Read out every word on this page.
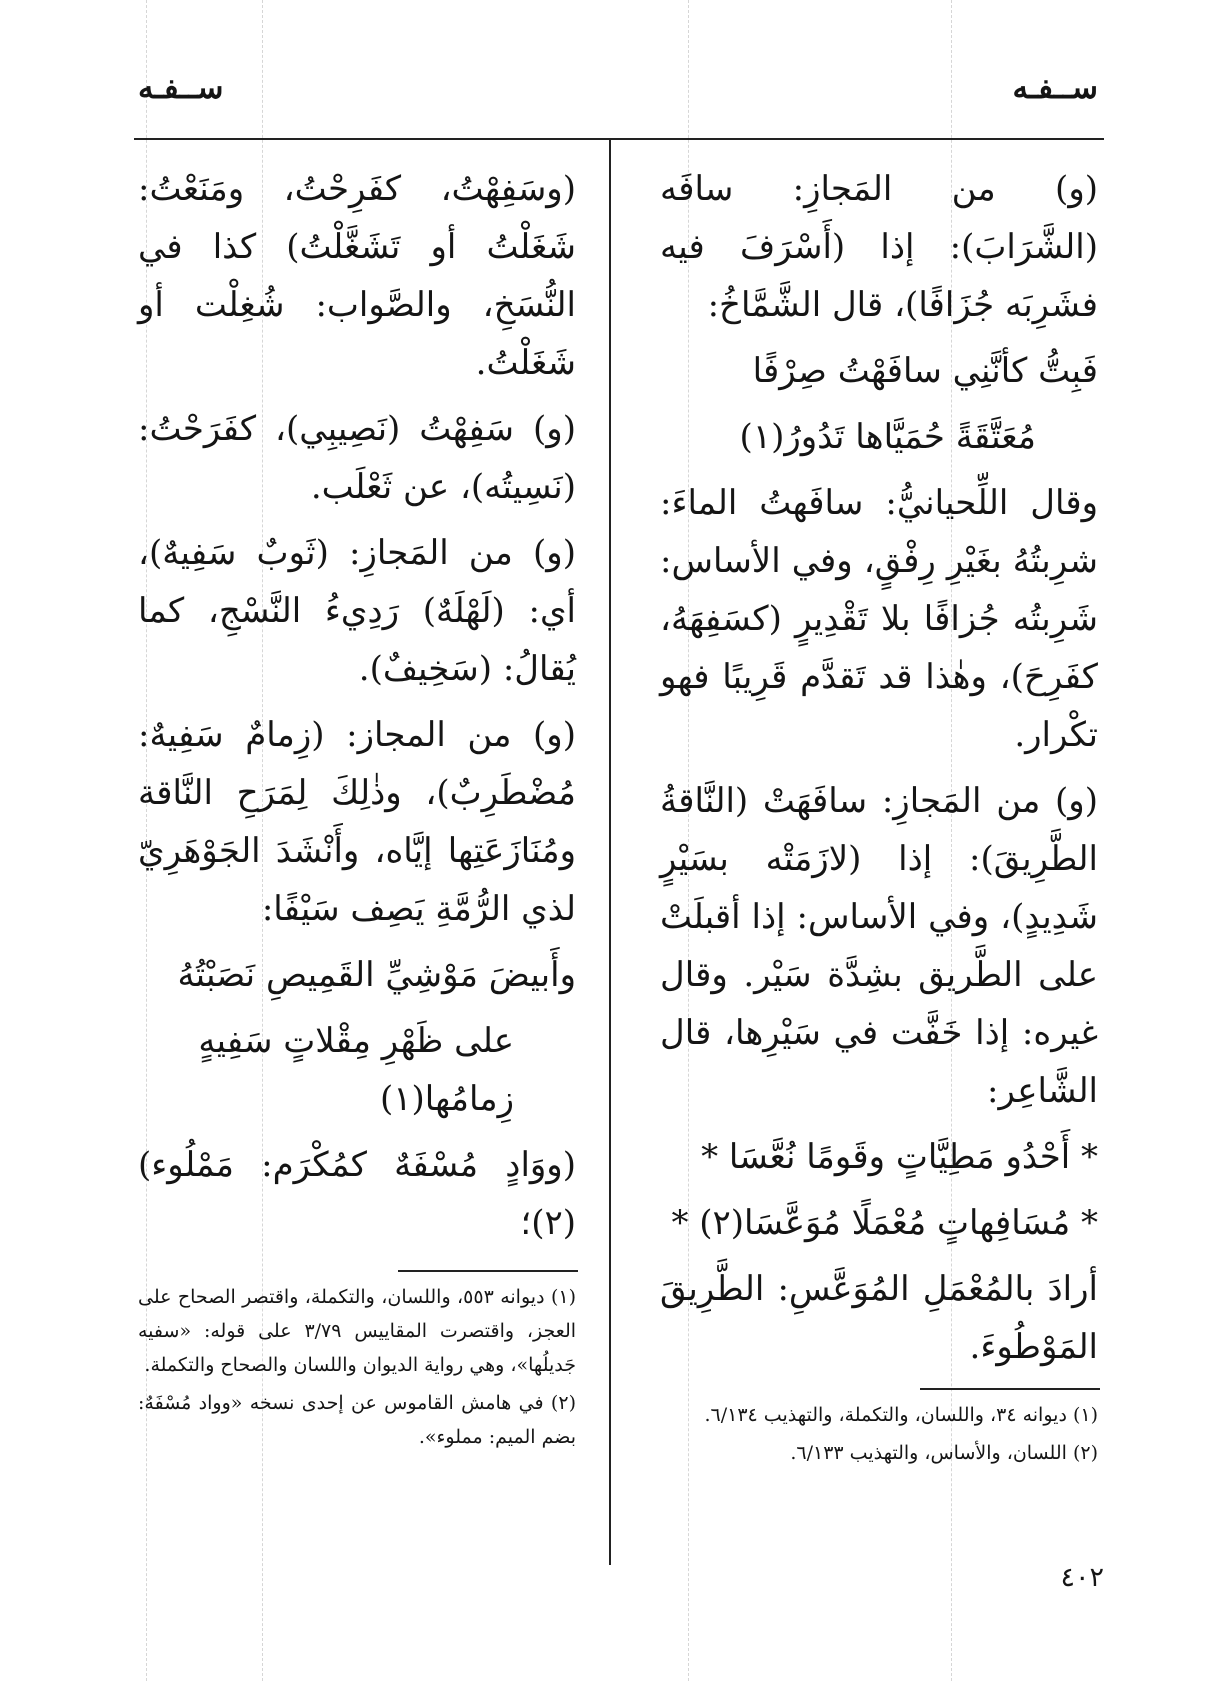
ســفـه	ســفـه

(و) من المَجازِ: سافَه (الشَّرَابَ): إذا (أَسْرَفَ فيه فشَرِبَه جُزَافًا)، قال الشَّمَّاخُ:

فَبِتُّ كأنَّنِي سافَهْتُ صِرْفًا

مُعَتَّقَةً حُمَيَّاها تَدُورُ(١)

وقال اللِّحيانيُّ: سافَهتُ الماءَ: شرِبتُهُ بغَيْرِ رِفْقٍ، وفي الأساس: شَرِبتُه جُزافًا بلا تَقْدِيرٍ (كسَفِهَهُ، كفَرِحَ)، وهٰذا قد تَقدَّم قَرِيبًا فهو تكْرار.

(و) من المَجازِ: سافَهَتْ (النَّاقةُ الطَّرِيقَ): إذا (لازَمَتْه بسَيْرٍ شَدِيدٍ)، وفي الأساس: إذا أقبلَتْ على الطَّريق بشِدَّة سَيْر. وقال غيره: إذا خَفَّت في سَيْرِها، قال الشَّاعِر:

* أَحْدُو مَطِيَّاتٍ وقَومًا نُعَّسَا *

* مُسَافِهاتٍ مُعْمَلًا مُوَعَّسَا(٢) *

أرادَ بالمُعْمَلِ المُوَعَّسِ: الطَّرِيقَ المَوْطُوءَ.

(١) ديوانه ٣٤، واللسان، والتكملة، والتهذيب ٦/١٣٤.

(٢) اللسان، والأساس، والتهذيب ٦/١٣٣.

(وسَفِهْتُ، كفَرِحْتُ، ومَنَعْتُ: شَغَلْتُ أو تَشَغَّلْتُ) كذا في النُّسَخِ، والصَّواب: شُغِلْت أو شَغَلْتُ.

(و) سَفِهْتُ (نَصِيبِي)، كفَرَحْتُ: (نَسِيتُه)، عن ثَعْلَب.

(و) من المَجازِ: (ثَوبٌ سَفِيهٌ)، أي: (لَهْلَهٌ) رَدِيءُ النَّسْجِ، كما يُقالُ: (سَخِيفٌ).

(و) من المجاز: (زِمامٌ سَفِيهٌ: مُضْطَرِبٌ)، وذٰلِكَ لِمَرَحِ النَّاقة ومُنَازَعَتِها إيَّاه، وأَنْشَدَ الجَوْهَرِيّ لذي الرُّمَّةِ يَصِف سَيْفًا:

وأَبيضَ مَوْشِيِّ القَمِيصِ نَصَبْتُهُ

على ظَهْرِ مِقْلاتٍ سَفِيهٍ زِمامُها(١)

(ووَادٍ مُسْفَهٌ كمُكْرَم: مَمْلُوء)(٢)؛

(١) ديوانه ٥٥٣، واللسان، والتكملة، واقتصر الصحاح على العجز، واقتصرت المقاييس ٣/٧٩ على قوله: «سفيه جَديلُها»، وهي رواية الديوان واللسان والصحاح والتكملة.

(٢) في هامش القاموس عن إحدى نسخه «وواد مُسْفَهٌ: بضم الميم: مملوء».

٤٠٢
